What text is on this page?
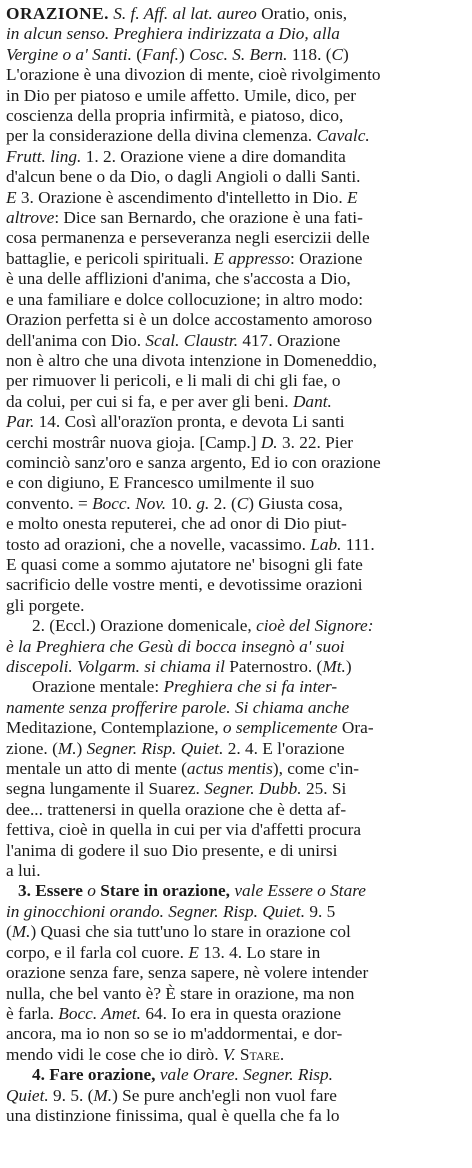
ORAZIONE. S. f. Aff. al lat. aureo Oratio, onis,
in alcun senso. Preghiera indirizzata a Dio, alla
Vergine o a' Santi. (Fanf.) Cosc. S. Bern. 118. (C)
L'orazione è una divozion di mente, cioè rivolgimento
in Dio per piatoso e umile affetto. Umile, dico, per
coscienza della propria infirmità, e piatoso, dico,
per la considerazione della divina clemenza. Cavalc.
Frutt. ling. 1. 2. Orazione viene a dire domandita
d'alcun bene o da Dio, o dagli Angioli o dalli Santi.
E 3. Orazione è ascendimento d'intelletto in Dio. E
altrove: Dice san Bernardo, che orazione è una fati-
cosa permanenza e perseveranza negli esercizii delle
battaglie, e pericoli spirituali. E appresso: Orazione
è una delle afflizioni d'anima, che s'accosta a Dio,
e una familiare e dolce collocuzione; in altro modo:
Orazion perfetta si è un dolce accostamento amoroso
dell'anima con Dio. Scal. Claustr. 417. Orazione
non è altro che una divota intenzione in Domeneddio,
per rimuover li pericoli, e li mali di chi gli fae, o
da colui, per cui si fa, e per aver gli beni. Dant.
Par. 14. Così all'orazïon pronta, e devota Li santi
cerchi mostrâr nuova gioja. [Camp.] D. 3. 22. Pier
cominciò sanz'oro e sanza argento, Ed io con orazione
e con digiuno, E Francesco umilmente il suo
convento. = Bocc. Nov. 10. g. 2. (C) Giusta cosa,
e molto onesta reputerei, che ad onor di Dio piut-
tosto ad orazioni, che a novelle, vacassimo. Lab. 111.
E quasi come a sommo ajutatore ne' bisogni gli fate
sacrificio delle vostre menti, e devotissime orazioni
gli porgete.
2. (Eccl.) Orazione domenicale, cioè del Signore:
è la Preghiera che Gesù di bocca insegnò a' suoi
discepoli. Volgarm. si chiama il Paternostro. (Mt.)
Orazione mentale: Preghiera che si fa inter-
namente senza profferire parole. Si chiama anche
Meditazione, Contemplazione, o semplicemente Ora-
zione. (M.) Segner. Risp. Quiet. 2. 4. E l'orazione
mentale un atto di mente (actus mentis), come c'in-
segna lungamente il Suarez. Segner. Dubb. 25. Si
dee... trattenersi in quella orazione che è detta af-
fettiva, cioè in quella in cui per via d'affetti procura
l'anima di godere il suo Dio presente, e di unirsi
a lui.
3. Essere o Stare in orazione, vale Essere o Stare
in ginocchioni orando. Segner. Risp. Quiet. 9. 5
(M.) Quasi che sia tutt'uno lo stare in orazione col
corpo, e il farla col cuore. E 13. 4. Lo stare in
orazione senza fare, senza sapere, nè volere intender
nulla, che bel vanto è? È stare in orazione, ma non
è farla. Bocc. Amet. 64. Io era in questa orazione
ancora, ma io non so se io m'addormentai, e dor-
mendo vidi le cose che io dirò. V. Stare.
4. Fare orazione, vale Orare. Segner. Risp.
Quiet. 9. 5. (M.) Se pure anch'egli non vuol fare
una distinzione finissima, qual è quella che fa lo
